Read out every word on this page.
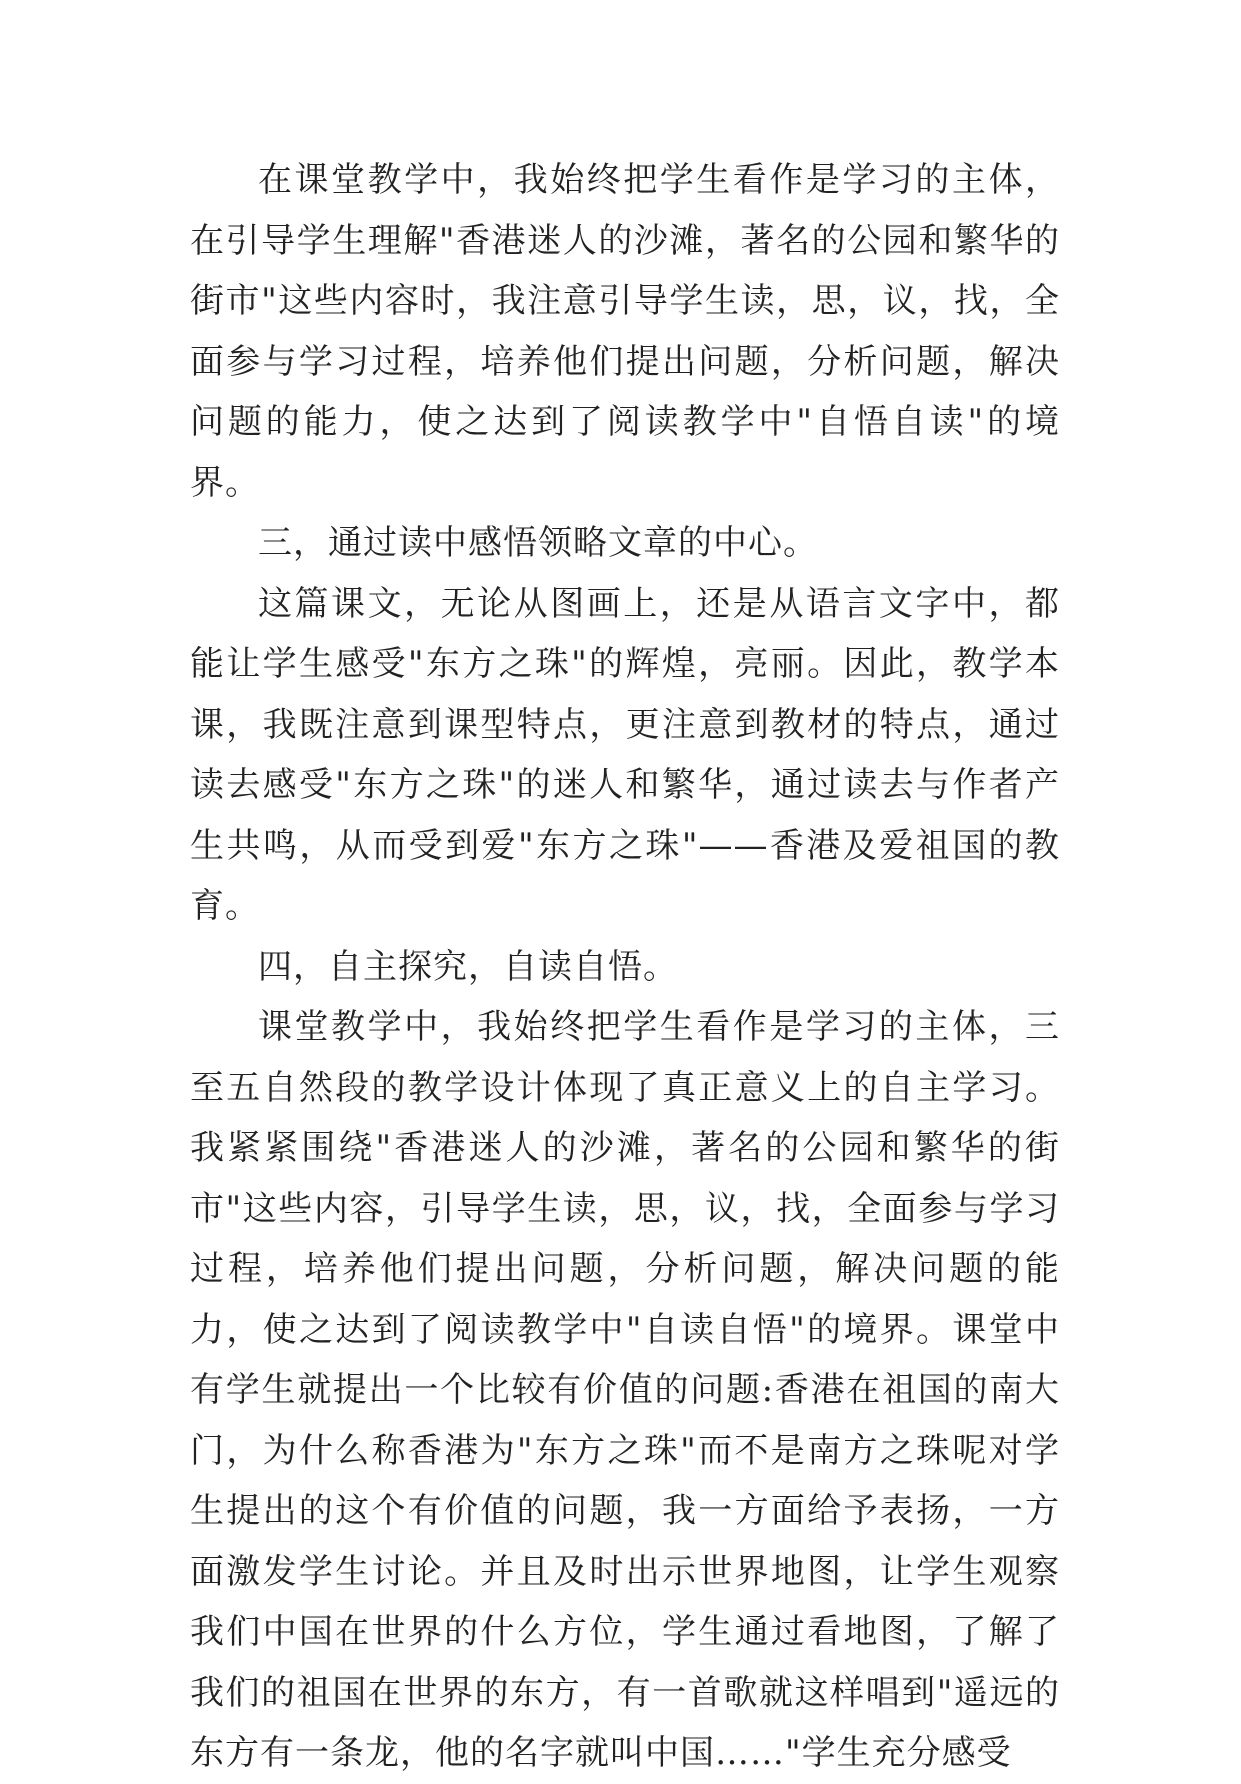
在课堂教学中，我始终把学生看作是学习的主体，在引导学生理解"香港迷人的沙滩，著名的公园和繁华的街市"这些内容时，我注意引导学生读，思，议，找，全面参与学习过程，培养他们提出问题，分析问题，解决问题的能力，使之达到了阅读教学中"自悟自读"的境界。

三，通过读中感悟领略文章的中心。

这篇课文，无论从图画上，还是从语言文字中，都能让学生感受"东方之珠"的辉煌，亮丽。因此，教学本课，我既注意到课型特点，更注意到教材的特点，通过读去感受"东方之珠"的迷人和繁华，通过读去与作者产生共鸣，从而受到爱"东方之珠"——香港及爱祖国的教育。

四，自主探究，自读自悟。

课堂教学中，我始终把学生看作是学习的主体，三至五自然段的教学设计体现了真正意义上的自主学习。我紧紧围绕"香港迷人的沙滩，著名的公园和繁华的街市"这些内容，引导学生读，思，议，找，全面参与学习过程，培养他们提出问题，分析问题，解决问题的能力，使之达到了阅读教学中"自读自悟"的境界。课堂中有学生就提出一个比较有价值的问题:香港在祖国的南大门，为什么称香港为"东方之珠"而不是南方之珠呢对学生提出的这个有价值的问题，我一方面给予表扬，一方面激发学生讨论。并且及时出示世界地图，让学生观察我们中国在世界的什么方位，学生通过看地图，了解了我们的祖国在世界的东方，有一首歌就这样唱到"遥远的东方有一条龙，他的名字就叫中国……"学生充分感受
